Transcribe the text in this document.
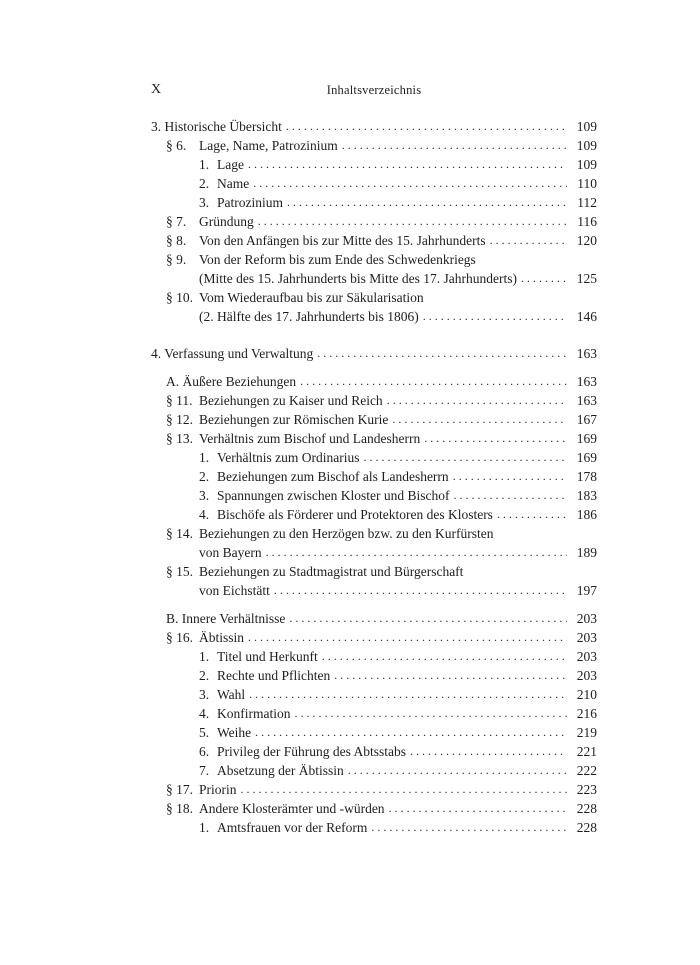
X	Inhaltsverzeichnis
3. Historische Übersicht . . .	109
§ 6. Lage, Name, Patrozinium . . .	109
1. Lage . . .	109
2. Name . . .	110
3. Patrozinium . . .	112
§ 7. Gründung . . .	116
§ 8. Von den Anfängen bis zur Mitte des 15. Jahrhunderts . . .	120
§ 9. Von der Reform bis zum Ende des Schwedenkriegs
(Mitte des 15. Jahrhunderts bis Mitte des 17. Jahrhunderts) . . .	125
§ 10. Vom Wiederaufbau bis zur Säkularisation
(2. Hälfte des 17. Jahrhunderts bis 1806) . . .	146
4. Verfassung und Verwaltung . . .	163
A. Äußere Beziehungen . . .	163
§ 11. Beziehungen zu Kaiser und Reich . . .	163
§ 12. Beziehungen zur Römischen Kurie . . .	167
§ 13. Verhältnis zum Bischof und Landesherrn . . .	169
1. Verhältnis zum Ordinarius . . .	169
2. Beziehungen zum Bischof als Landesherrn . . .	178
3. Spannungen zwischen Kloster und Bischof . . .	183
4. Bischöfe als Förderer und Protektoren des Klosters . . .	186
§ 14. Beziehungen zu den Herzögen bzw. zu den Kurfürsten
von Bayern . . .	189
§ 15. Beziehungen zu Stadtmagistrat und Bürgerschaft
von Eichstätt . . .	197
B. Innere Verhältnisse . . .	203
§ 16. Äbtissin . . .	203
1. Titel und Herkunft . . .	203
2. Rechte und Pflichten . . .	203
3. Wahl . . .	210
4. Konfirmation . . .	216
5. Weihe . . .	219
6. Privileg der Führung des Abtsstabs . . .	221
7. Absetzung der Äbtissin . . .	222
§ 17. Priorin . . .	223
§ 18. Andere Klosterämter und -würden . . .	228
1. Amtsfrauen vor der Reform . . .	228
